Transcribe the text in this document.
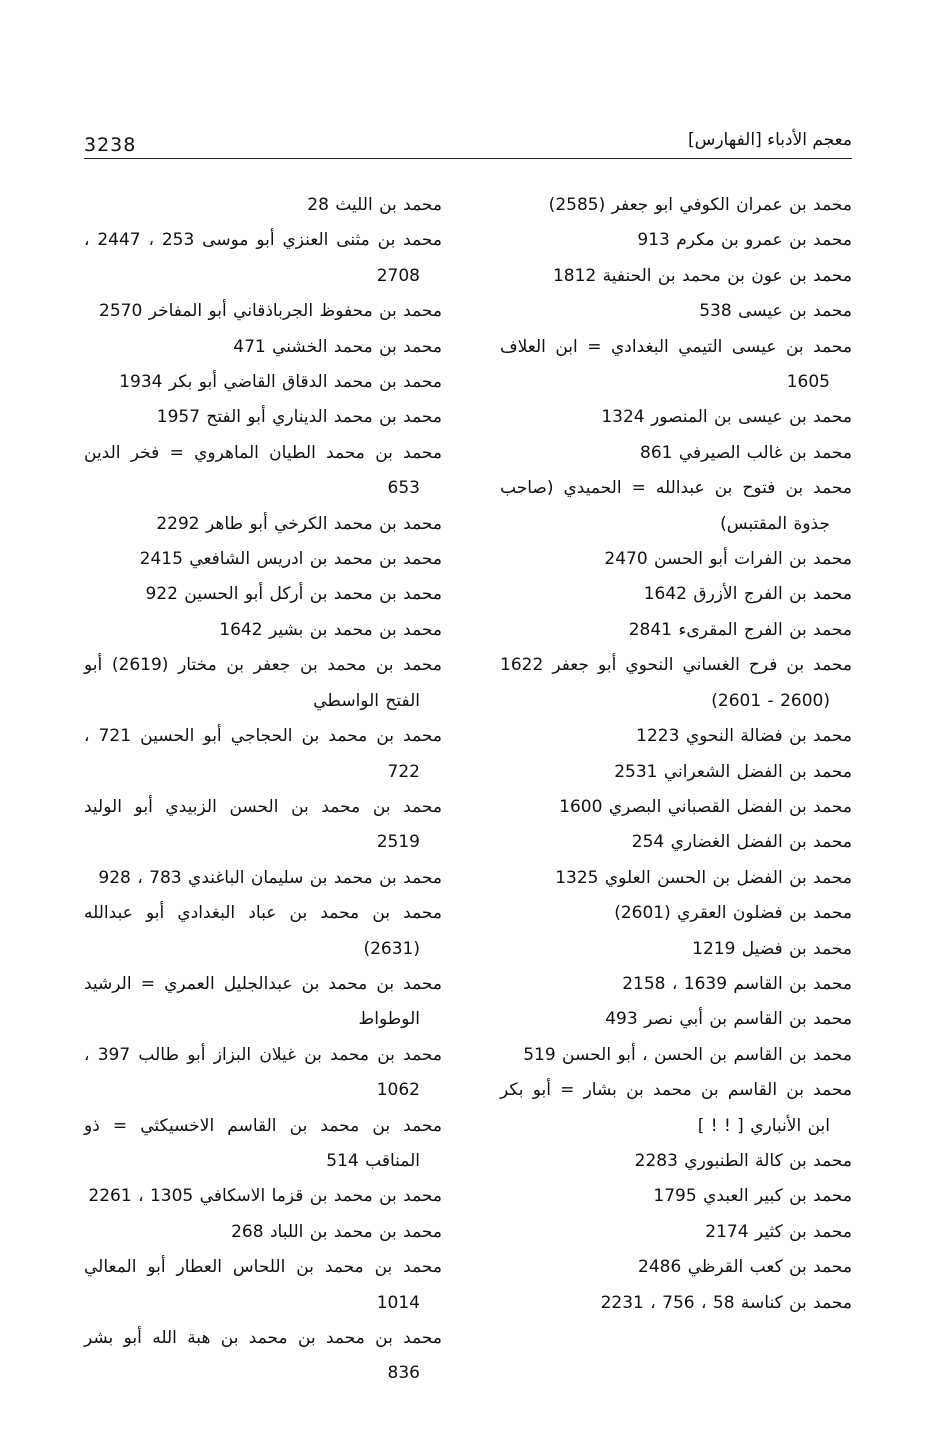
3238	معجم الأدباء [الفهارس]
محمد بن عمران الكوفي ابو جعفر (2585)
محمد بن عمرو بن مكرم 913
محمد بن عون بن محمد بن الحنفية 1812
محمد بن عيسى 538
محمد بن عيسى التيمي البغدادي = ابن العلاف 1605
محمد بن عيسى بن المنصور 1324
محمد بن غالب الصيرفي 861
محمد بن فتوح بن عبدالله = الحميدي (صاحب جذوة المقتبس)
محمد بن الفرات أبو الحسن 2470
محمد بن الفرج الأزرق 1642
محمد بن الفرج المقرىء 2841
محمد بن فرح الغساني النحوي أبو جعفر 1622 (2600 - 2601)
محمد بن فضالة النحوي 1223
محمد بن الفضل الشعراني 2531
محمد بن الفضل القصباني البصري 1600
محمد بن الفضل الغضاري 254
محمد بن الفضل بن الحسن العلوي 1325
محمد بن فضلون العقري (2601)
محمد بن فضيل 1219
محمد بن القاسم 1639 ، 2158
محمد بن القاسم بن أبي نصر 493
محمد بن القاسم بن الحسن ، أبو الحسن 519
محمد بن القاسم بن محمد بن بشار = أبو بكر ابن الأنباري [ ! ! ]
محمد بن كالة الطنبوري 2283
محمد بن كبير العبدي 1795
محمد بن كثير 2174
محمد بن كعب القرظي 2486
محمد بن كناسة 58 ، 756 ، 2231
محمد بن الليث 28
محمد بن مثنى العنزي أبو موسى 253 ، 2447 ، 2708
محمد بن محفوظ الجرباذقاني أبو المفاخر 2570
محمد بن محمد الخشني 471
محمد بن محمد الدقاق القاضي أبو بكر 1934
محمد بن محمد الديناري أبو الفتح 1957
محمد بن محمد الطيان الماهروي = فخر الدين 653
محمد بن محمد الكرخي أبو طاهر 2292
محمد بن محمد بن ادريس الشافعي 2415
محمد بن محمد بن أركل أبو الحسين 922
محمد بن محمد بن بشير 1642
محمد بن محمد بن جعفر بن مختار (2619) أبو الفتح الواسطي
محمد بن محمد بن الحجاجي أبو الحسين 721 ، 722
محمد بن محمد بن الحسن الزبيدي أبو الوليد 2519
محمد بن محمد بن سليمان الباغندي 783 ، 928
محمد بن محمد بن عباد البغدادي أبو عبدالله (2631)
محمد بن محمد بن عبدالجليل العمري = الرشيد الوطواط
محمد بن محمد بن غيلان البزاز أبو طالب 397 ، 1062
محمد بن محمد بن القاسم الاخسيكثي = ذو المناقب 514
محمد بن محمد بن قزما الاسكافي 1305 ، 2261
محمد بن محمد بن اللباد 268
محمد بن محمد بن اللحاس العطار أبو المعالي 1014
محمد بن محمد بن محمد بن هبة الله أبو بشر 836
